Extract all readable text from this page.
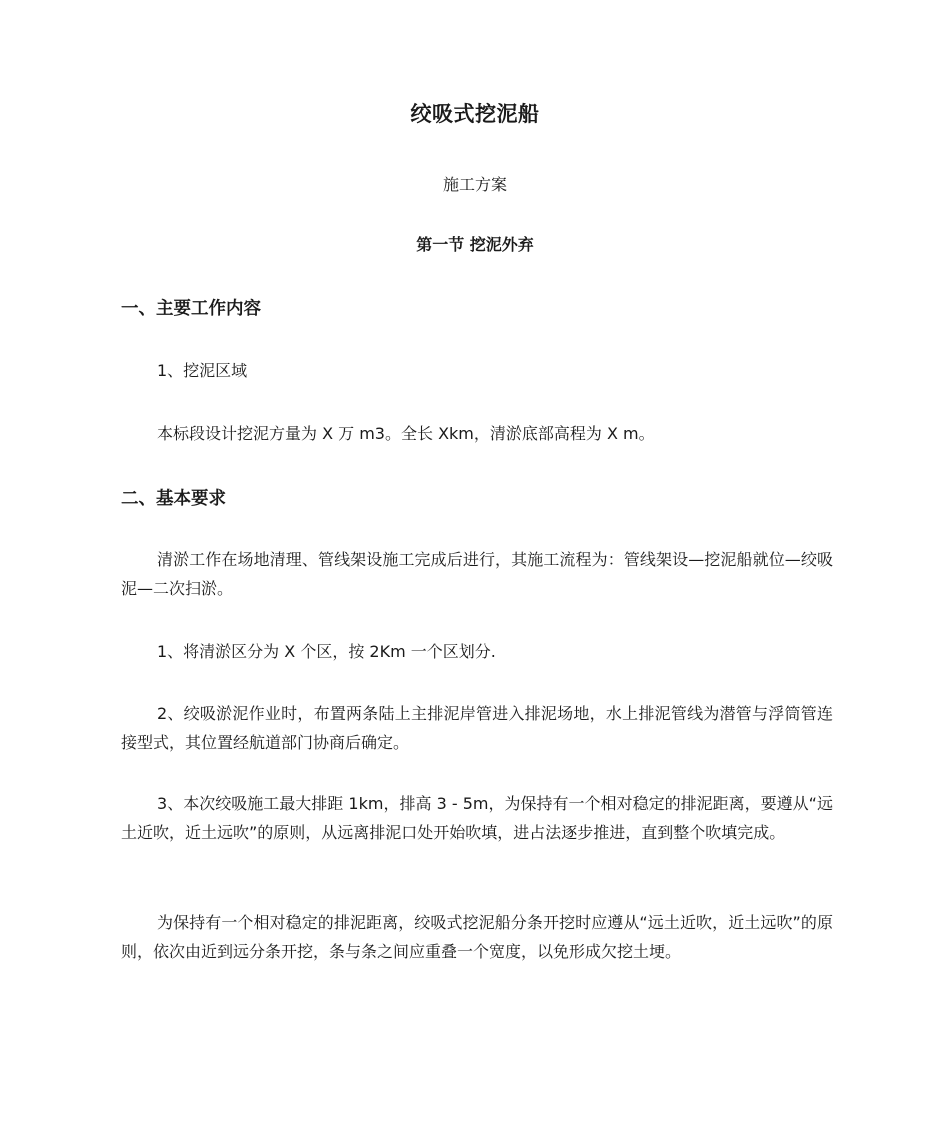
绞吸式挖泥船
施工方案
第一节 挖泥外弃
一、主要工作内容
1、挖泥区域
本标段设计挖泥方量为 X 万 m3。全长 Xkm，清淤底部高程为 X m。
二、基本要求
清淤工作在场地清理、管线架设施工完成后进行，其施工流程为：管线架设—挖泥船就位—绞吸泥—二次扫淤。
1、将清淤区分为 X 个区，按 2Km 一个区划分.
2、绞吸淤泥作业时，布置两条陆上主排泥岸管进入排泥场地，水上排泥管线为潜管与浮筒管连接型式，其位置经航道部门协商后确定。
3、本次绞吸施工最大排距 1km，排高 3 - 5m，为保持有一个相对稳定的排泥距离，要遵从“远土近吹，近土远吹”的原则，从远离排泥口处开始吹填，进占法逐步推进，直到整个吹填完成。
为保持有一个相对稳定的排泥距离，绞吸式挖泥船分条开挖时应遵从“远土近吹，近土远吹”的原则，依次由近到远分条开挖，条与条之间应重叠一个宽度，以免形成欠挖土埂。
